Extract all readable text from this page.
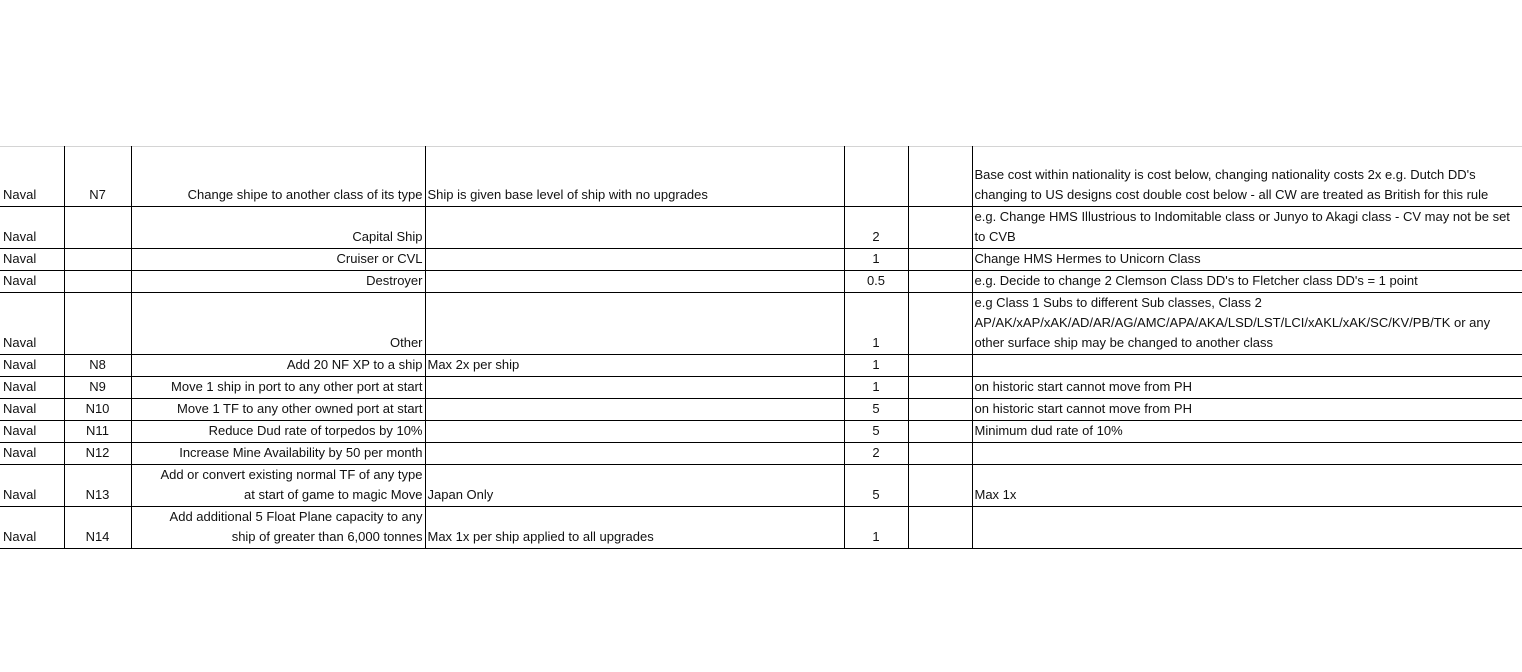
Naval	N7	Change shipe to another class of its type	Ship is given base level of ship with no upgrades			Base cost within nationality is cost below, changing nationality costs 2x e.g. Dutch DD's changing to US designs cost double cost below - all CW are treated as British for this rule
Naval		Capital Ship		2		e.g. Change HMS Illustrious to Indomitable class or Junyo to Akagi class - CV may not be set to CVB
Naval		Cruiser or CVL		1		Change HMS Hermes to Unicorn Class
Naval		Destroyer		0.5		e.g. Decide to change 2 Clemson Class DD's to Fletcher class DD's = 1 point
Naval		Other		1		e.g Class 1 Subs to different Sub classes, Class 2 AP/AK/xAP/xAK/AD/AR/AG/AMC/APA/AKA/LSD/LST/LCI/xAKL/xAK/SC/KV/PB/TK or any other surface ship may be changed to another class
Naval	N8	Add 20 NF XP to a ship	Max 2x per ship	1		
Naval	N9	Move 1 ship in port to any other port at start		1		on historic start cannot move from PH
Naval	N10	Move 1 TF to any other owned port at start		5		on historic start cannot move from PH
Naval	N11	Reduce Dud rate of torpedos by 10%		5		Minimum dud rate of 10%
Naval	N12	Increase Mine Availability by 50 per month		2		
Naval	N13	Add or convert existing normal TF of any type
at start of game to magic Move	Japan Only	5		Max 1x
Naval	N14	Add additional 5 Float Plane capacity to any
ship of greater than 6,000 tonnes	Max 1x per ship applied to all upgrades	1		
